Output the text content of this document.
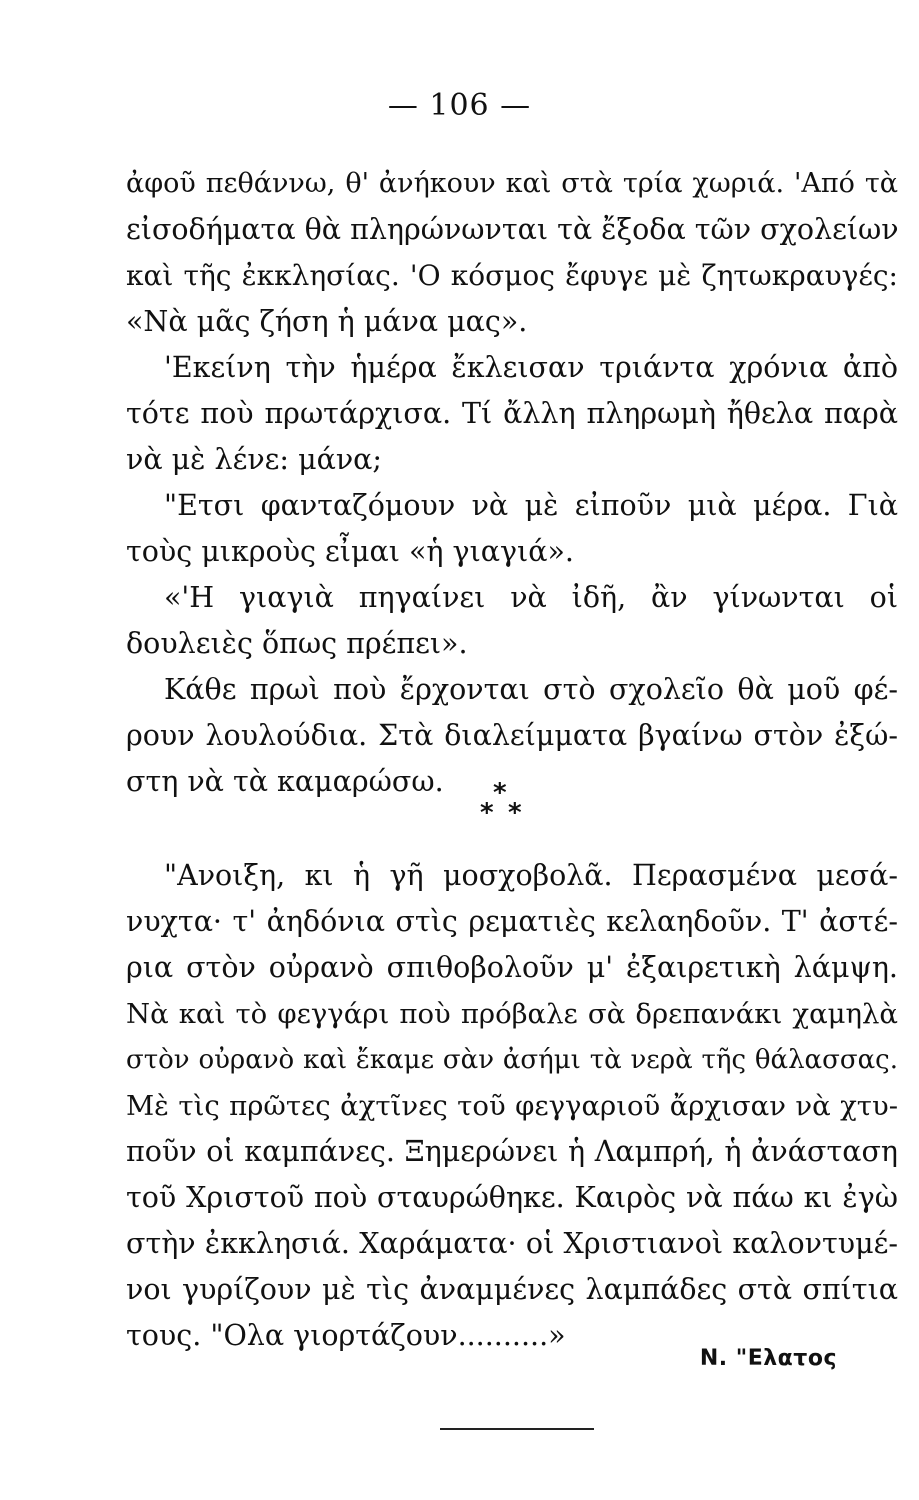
— 106 —
ἀφοῦ πεθάννω, θ' ἀνήκουν καὶ στὰ τρία χωριά. 'Από τὰ
εἰσοδήματα θὰ πληρώνωνται τὰ ἔξοδα τῶν σχολείων
καὶ τῆς ἐκκλησίας. 'Ο κόσμος ἔφυγε μὲ ζητωκραυγές:
«Νὰ μᾶς ζήση ἡ μάνα μας».
'Εκείνη τὴν ἡμέρα ἔκλεισαν τριάντα χρόνια ἀπὸ
τότε ποὺ πρωτάρχισα. Τί ἄλλη πληρωμὴ ἤθελα παρὰ
νὰ μὲ λένε: μάνα;
"Ετσι φανταζόμουν νὰ μὲ εἰποῦν μιὰ μέρα. Γιὰ
τοὺς μικροὺς εἶμαι «ἡ γιαγιά».
«'Η γιαγιὰ πηγαίνει νὰ ἰδῆ, ἂν γίνωνται οἱ
δουλειὲς ὅπως πρέπει».
Κάθε πρωὶ ποὺ ἔρχονται στὸ σχολεῖο θὰ μοῦ φέ-
ρουν λουλούδια. Στὰ διαλείμματα βγαίνω στὸν ἐξώ-
στη νὰ τὰ καμαρώσω.	*
* *
"Ανοιξη, κι ἡ γῆ μοσχοβολᾶ. Περασμένα μεσά-
νυχτα· τ' ἀηδόνια στὶς ρεματιὲς κελαηδοῦν. Τ' ἀστέ-
ρια στὸν οὐρανὸ σπιθοβολοῦν μ' ἐξαιρετικὴ λάμψη.
Νὰ καὶ τὸ φεγγάρι ποὺ πρόβαλε σὰ δρεπανάκι χαμηλὰ
στὸν οὐρανὸ καὶ ἔκαμε σὰν ἀσήμι τὰ νερὰ τῆς θάλασσας.
Μὲ τὶς πρῶτες ἀχτῖνες τοῦ φεγγαριοῦ ἄρχισαν νὰ χτυ-
ποῦν οἱ καμπάνες. Ξημερώνει ἡ Λαμπρή, ἡ ἀνάσταση
τοῦ Χριστοῦ ποὺ σταυρώθηκε. Καιρὸς νὰ πάω κι ἐγὼ
στὴν ἐκκλησιά. Χαράματα· οἱ Χριστιανοὶ καλοντυμέ-
νοι γυρίζουν μὲ τὶς ἀναμμένες λαμπάδες στὰ σπίτια
τους. "Ολα γιορτάζουν..........»
Ν. "Ελατος
